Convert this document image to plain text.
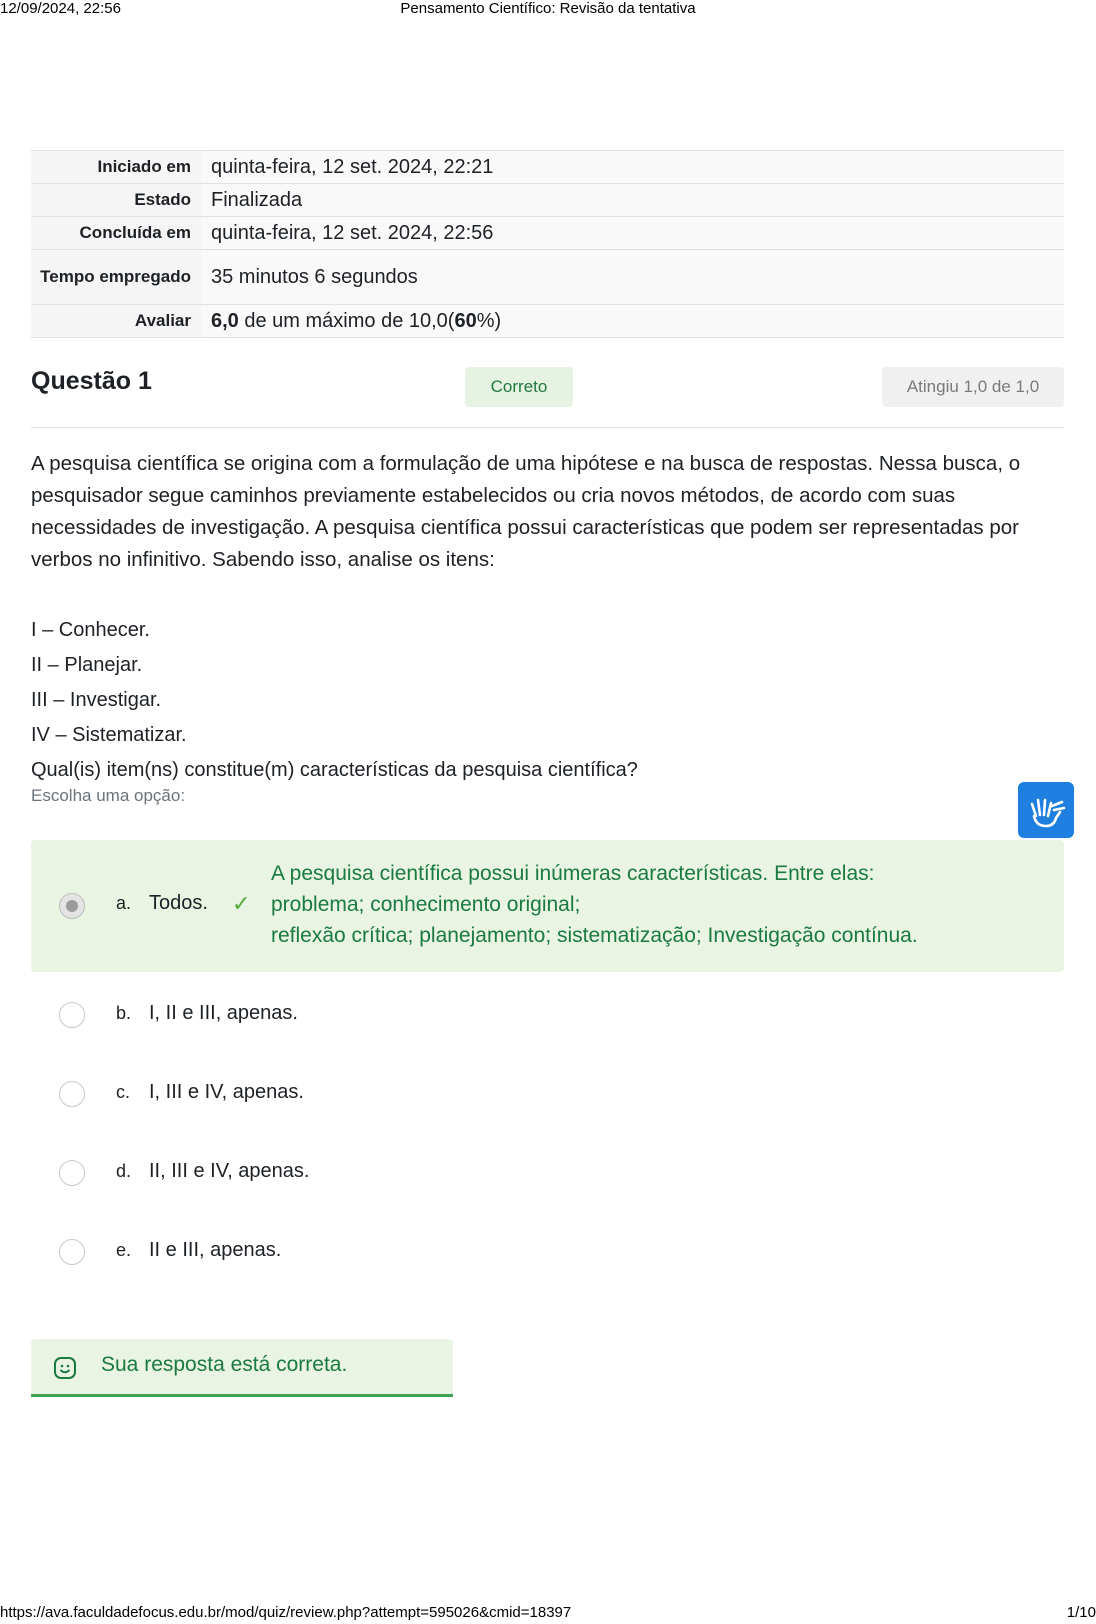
12/09/2024, 22:56	Pensamento Científico: Revisão da tentativa
Iniciado em	quinta-feira, 12 set. 2024, 22:21
Estado	Finalizada
Concluída em	quinta-feira, 12 set. 2024, 22:56
Tempo empregado	35 minutos 6 segundos
Avaliar	6,0 de um máximo de 10,0(60%)
Questão 1	Correto	Atingiu 1,0 de 1,0

A pesquisa científica se origina com a formulação de uma hipótese e na busca de respostas. Nessa busca, o pesquisador segue caminhos previamente estabelecidos ou cria novos métodos, de acordo com suas necessidades de investigação. A pesquisa científica possui características que podem ser representadas por verbos no infinitivo. Sabendo isso, analise os itens:

I – Conhecer.
II – Planejar.
III – Investigar.
IV – Sistematizar.
Qual(is) item(ns) constitue(m) características da pesquisa científica?
Escolha uma opção:
a. Todos. ✓
A pesquisa científica possui inúmeras características. Entre elas:
problema; conhecimento original;
reflexão crítica; planejamento; sistematização; Investigação contínua.
b. I, II e III, apenas.
c. I, III e IV, apenas.
d. II, III e IV, apenas.
e. II e III, apenas.
Sua resposta está correta.
https://ava.faculdadefocus.edu.br/mod/quiz/review.php?attempt=595026&cmid=18397	1/10
